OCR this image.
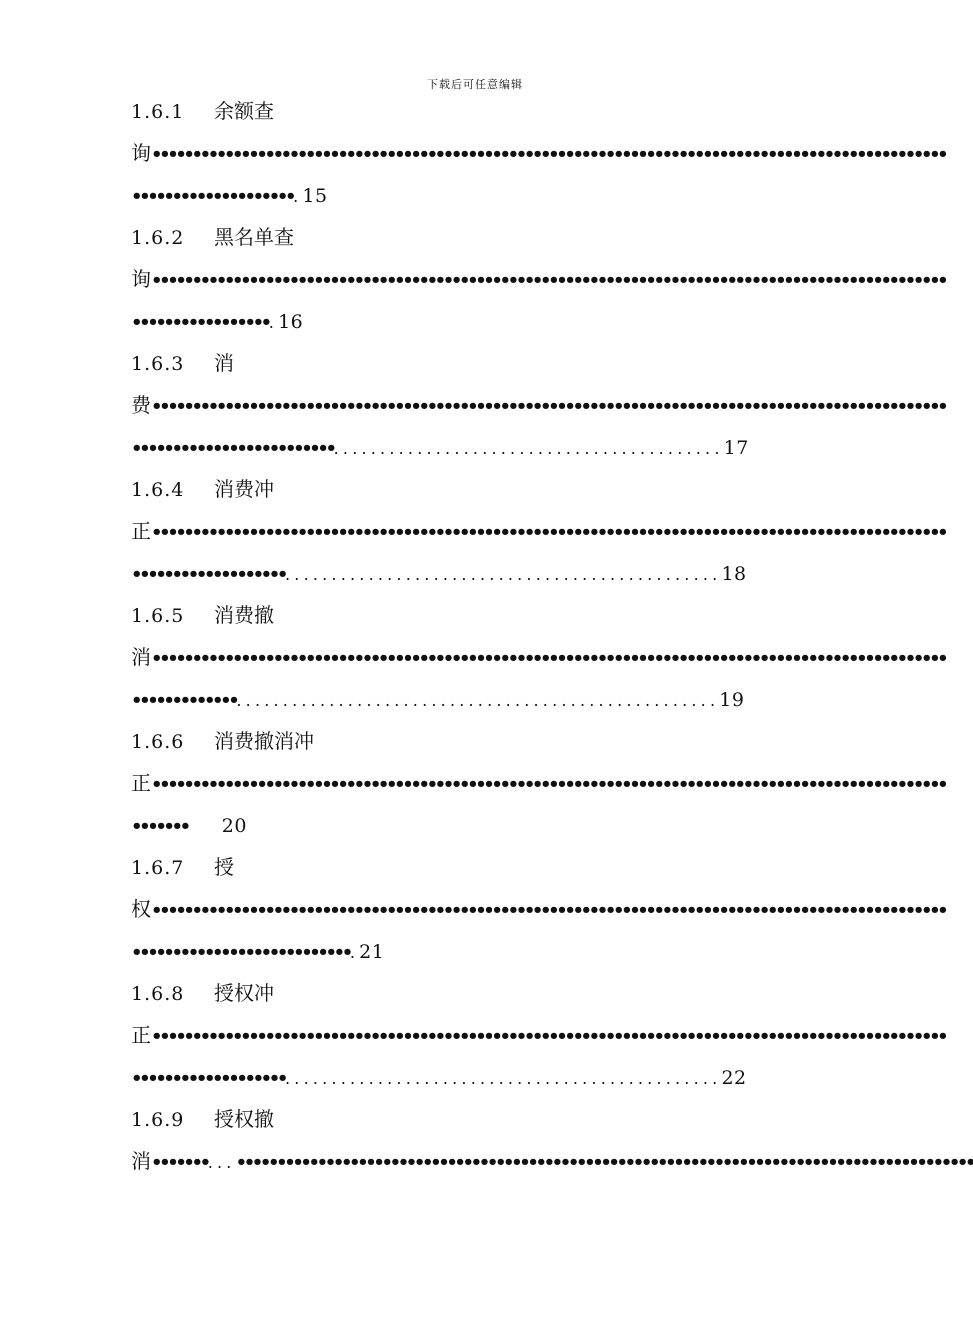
下载后可任意编辑
1.6.1 余额查
询••••••••••••••••••••••••••••••••••••••••••••••••••••••••••••••••••••••••••••••••••••••••••••••••••
••••••••••••••••••••.15
1.6.2 黑名单查
询••••••••••••••••••••••••••••••••••••••••••••••••••••••••••••••••••••••••••••••••••••••••••••••••••
•••••••••••••••••.16
1.6.3 消
费••••••••••••••••••••••••••••••••••••••••••••••••••••••••••••••••••••••••••••••••••••••••••••••••••
•••••••••••••••••••••••••..........................................17
1.6.4 消费冲
正••••••••••••••••••••••••••••••••••••••••••••••••••••••••••••••••••••••••••••••••••••••••••••••••••
•••••••••••••••••••...............................................18
1.6.5 消费撤
消••••••••••••••••••••••••••••••••••••••••••••••••••••••••••••••••••••••••••••••••••••••••••••••••••
•••••••••••••....................................................19
1.6.6 消费撤消冲
正••••••••••••••••••••••••••••••••••••••••••••••••••••••••••••••••••••••••••••••••••••••••••••••••••
••••••• 20
1.6.7 授
权••••••••••••••••••••••••••••••••••••••••••••••••••••••••••••••••••••••••••••••••••••••••••••••••••
•••••••••••••••••••••••••••.21
1.6.8 授权冲
正••••••••••••••••••••••••••••••••••••••••••••••••••••••••••••••••••••••••••••••••••••••••••••••••••
•••••••••••••••••••...............................................22
1.6.9 授权撤
消•••••••...•••••••••••••••••••••••••••••••••••••••••••••••••••••••••••••••••••••••••••••••••••••••••••
